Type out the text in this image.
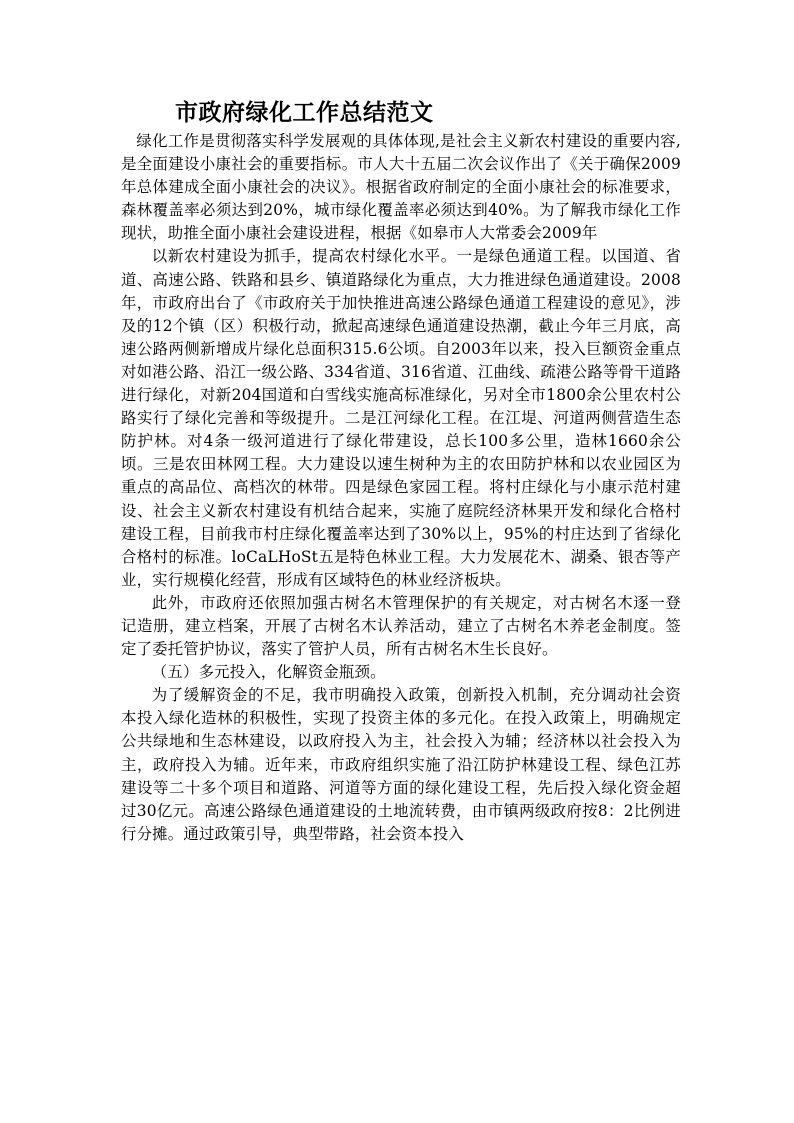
市政府绿化工作总结范文

绿化工作是贯彻落实科学发展观的具体体现,是社会主义新农村建设的重要内容,是全面建设小康社会的重要指标。市人大十五届二次会议作出了《关于确保2009年总体建成全面小康社会的决议》。根据省政府制定的全面小康社会的标准要求，森林覆盖率必须达到20%，城市绿化覆盖率必须达到40%。为了解我市绿化工作现状，助推全面小康社会建设进程，根据《如皋市人大常委会2009年

以新农村建设为抓手，提高农村绿化水平。一是绿色通道工程。以国道、省道、高速公路、铁路和县乡、镇道路绿化为重点，大力推进绿色通道建设。2008年，市政府出台了《市政府关于加快推进高速公路绿色通道工程建设的意见》，涉及的12个镇（区）积极行动，掀起高速绿色通道建设热潮，截止今年三月底，高速公路两侧新增成片绿化总面积315.6公顷。自2003年以来，投入巨额资金重点对如港公路、沿江一级公路、334省道、316省道、江曲线、疏港公路等骨干道路进行绿化，对新204国道和白雪线实施高标准绿化，另对全市1800余公里农村公路实行了绿化完善和等级提升。二是江河绿化工程。在江堤、河道两侧营造生态防护林。对4条一级河道进行了绿化带建设，总长100多公里，造林1660余公顷。三是农田林网工程。大力建设以速生树种为主的农田防护林和以农业园区为重点的高品位、高档次的林带。四是绿色家园工程。将村庄绿化与小康示范村建设、社会主义新农村建设有机结合起来，实施了庭院经济林果开发和绿化合格村建设工程，目前我市村庄绿化覆盖率达到了30%以上，95%的村庄达到了省绿化合格村的标准。loCaLHoSt五是特色林业工程。大力发展花木、湖桑、银杏等产业，实行规模化经营，形成有区域特色的林业经济板块。

此外，市政府还依照加强古树名木管理保护的有关规定，对古树名木逐一登记造册，建立档案，开展了古树名木认养活动，建立了古树名木养老金制度。签定了委托管护协议，落实了管护人员，所有古树名木生长良好。

（五）多元投入，化解资金瓶颈。

为了缓解资金的不足，我市明确投入政策，创新投入机制，充分调动社会资本投入绿化造林的积极性，实现了投资主体的多元化。在投入政策上，明确规定公共绿地和生态林建设，以政府投入为主，社会投入为辅；经济林以社会投入为主，政府投入为辅。近年来，市政府组织实施了沿江防护林建设工程、绿色江苏建设等二十多个项目和道路、河道等方面的绿化建设工程，先后投入绿化资金超过30亿元。高速公路绿色通道建设的土地流转费，由市镇两级政府按8：2比例进行分摊。通过政策引导，典型带路，社会资本投入
